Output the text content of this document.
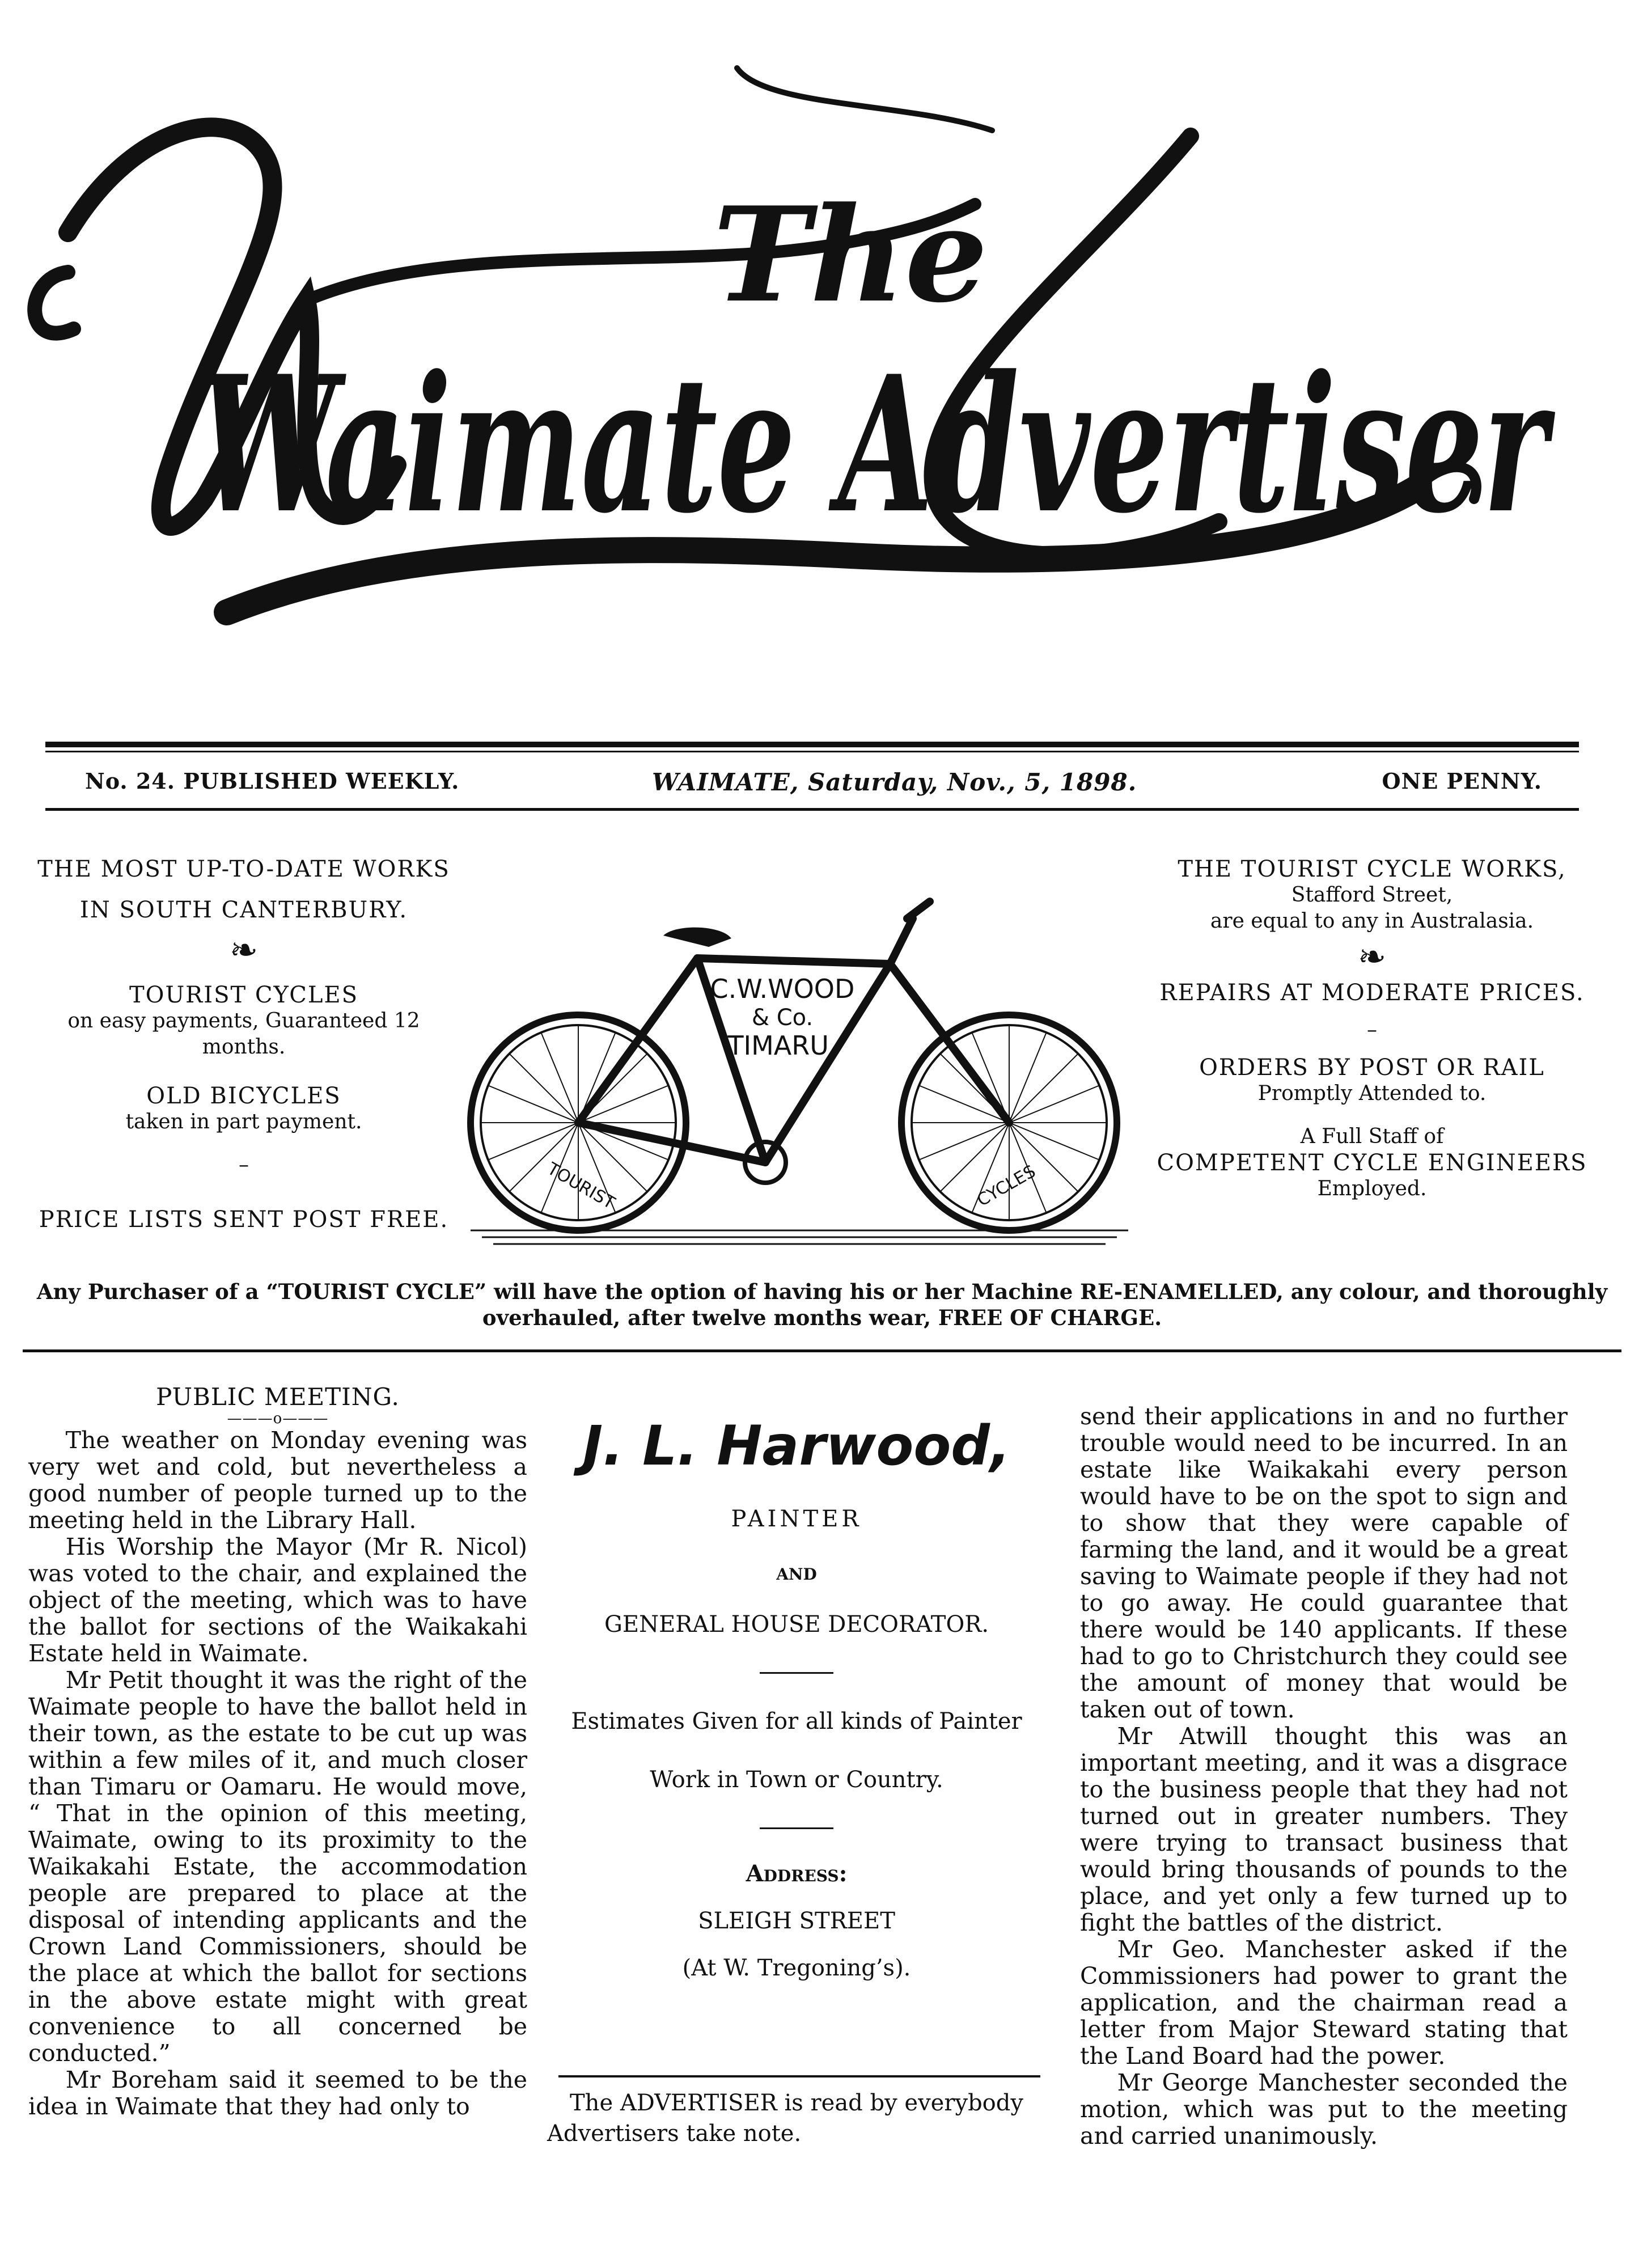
The
Waimate Advertiser
No. 24. PUBLISHED WEEKLY.	WAIMATE, Saturday, Nov., 5, 1898.	ONE PENNY.
THE MOST UP-TO-DATE WORKS
IN SOUTH CANTERBURY.
❧
TOURIST CYCLES
on easy payments, Guaranteed 12 months.
OLD BICYCLES
taken in part payment.
–
PRICE LISTS SENT POST FREE.
C.W.WOOD
& Co.
TIMARU.
TOURIST	CYCLES
THE TOURIST CYCLE WORKS,
Stafford Street,
are equal to any in Australasia.
❧
REPAIRS AT MODERATE PRICES.
–
ORDERS BY POST OR RAIL
Promptly Attended to.
A Full Staff of
COMPETENT CYCLE ENGINEERS
Employed.
Any Purchaser of a “TOURIST CYCLE” will have the option of having his or her Machine RE-ENAMELLED, any colour, and thoroughly overhauled, after twelve months wear, FREE OF CHARGE.

PUBLIC MEETING.

———o———

The weather on Monday evening was very wet and cold, but nevertheless a good number of people turned up to the meeting held in the Library Hall.

His Worship the Mayor (Mr R. Nicol) was voted to the chair, and explained the object of the meeting, which was to have the ballot for sections of the Waikakahi Estate held in Waimate.

Mr Petit thought it was the right of the Waimate people to have the ballot held in their town, as the estate to be cut up was within a few miles of it, and much closer than Timaru or Oamaru. He would move, “ That in the opinion of this meeting, Waimate, owing to its proximity to the Waikakahi Estate, the accommodation people are prepared to place at the disposal of intending applicants and the Crown Land Commissioners, should be the place at which the ballot for sections in the above estate might with great convenience to all concerned be conducted.”

Mr Boreham said it seemed to be the idea in Waimate that they had only to

J. L. Harwood,
PAINTER
AND
GENERAL HOUSE DECORATOR.
Estimates Given for all kinds of Painter
Work in Town or Country.
Address:
SLEIGH STREET
(At W. Tregoning’s).
The ADVERTISER is read by everybody
Advertisers take note.

send their applications in and no further trouble would need to be incurred. In an estate like Waikakahi every person would have to be on the spot to sign and to show that they were capable of farming the land, and it would be a great saving to Waimate people if they had not to go away. He could guarantee that there would be 140 applicants. If these had to go to Christchurch they could see the amount of money that would be taken out of town.

Mr Atwill thought this was an important meeting, and it was a disgrace to the business people that they had not turned out in greater numbers. They were trying to transact business that would bring thousands of pounds to the place, and yet only a few turned up to fight the battles of the district.

Mr Geo. Manchester asked if the Commissioners had power to grant the application, and the chairman read a letter from Major Steward stating that the Land Board had the power.

Mr George Manchester seconded the motion, which was put to the meeting and carried unanimously.
